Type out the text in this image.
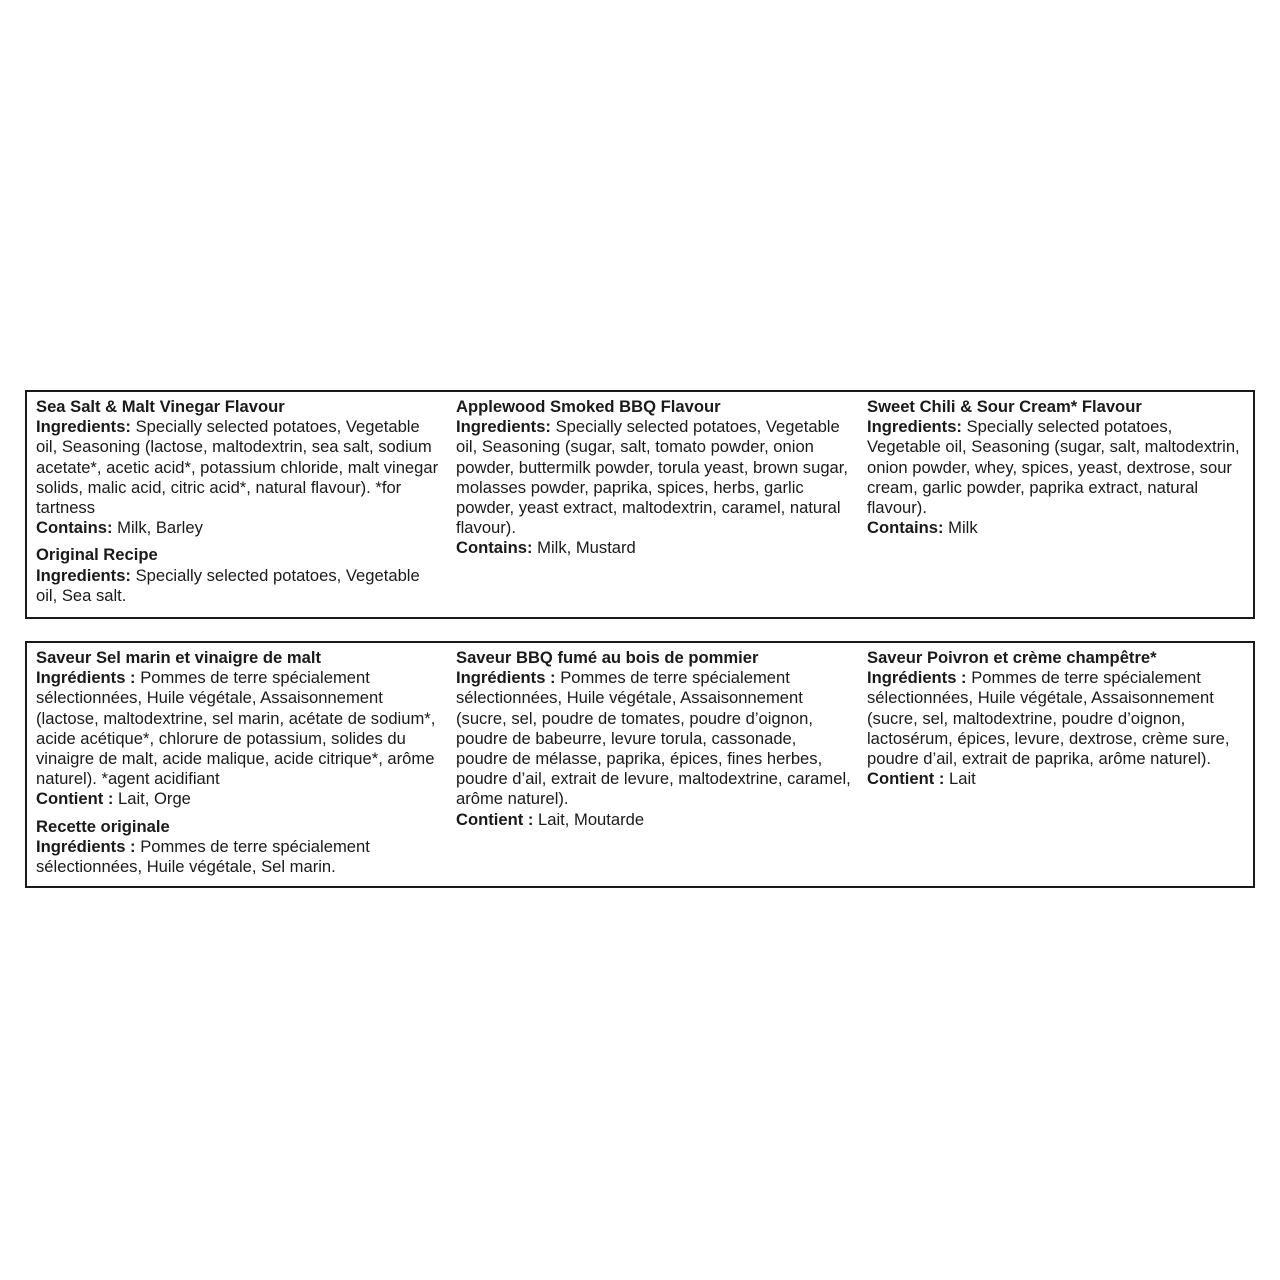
Sea Salt & Malt Vinegar Flavour

Ingredients: Specially selected potatoes, Vegetable oil, Seasoning (lactose, maltodextrin, sea salt, sodium acetate*, acetic acid*, potassium chloride, malt vinegar solids, malic acid, citric acid*, natural flavour). *for tartness

Contains: Milk, Barley

Original Recipe

Ingredients: Specially selected potatoes, Vegetable oil, Sea salt.

Applewood Smoked BBQ Flavour

Ingredients: Specially selected potatoes, Vegetable oil, Seasoning (sugar, salt, tomato powder, onion powder, buttermilk powder, torula yeast, brown sugar, molasses powder, paprika, spices, herbs, garlic powder, yeast extract, maltodextrin, caramel, natural flavour).

Contains: Milk, Mustard

Sweet Chili & Sour Cream* Flavour

Ingredients: Specially selected potatoes, Vegetable oil, Seasoning (sugar, salt, maltodextrin, onion powder, whey, spices, yeast, dextrose, sour cream, garlic powder, paprika extract, natural flavour).

Contains: Milk

Saveur Sel marin et vinaigre de malt

Ingrédients : Pommes de terre spécialement sélectionnées, Huile végétale, Assaisonnement (lactose, maltodextrine, sel marin, acétate de sodium*, acide acétique*, chlorure de potassium, solides du vinaigre de malt, acide malique, acide citrique*, arôme naturel). *agent acidifiant

Contient : Lait, Orge

Recette originale

Ingrédients : Pommes de terre spécialement sélectionnées, Huile végétale, Sel marin.

Saveur BBQ fumé au bois de pommier

Ingrédients : Pommes de terre spécialement sélectionnées, Huile végétale, Assaisonnement (sucre, sel, poudre de tomates, poudre d’oignon, poudre de babeurre, levure torula, cassonade, poudre de mélasse, paprika, épices, fines herbes, poudre d’ail, extrait de levure, maltodextrine, caramel, arôme naturel).

Contient : Lait, Moutarde

Saveur Poivron et crème champêtre*

Ingrédients : Pommes de terre spécialement sélectionnées, Huile végétale, Assaisonnement (sucre, sel, maltodextrine, poudre d’oignon, lactosérum, épices, levure, dextrose, crème sure, poudre d’ail, extrait de paprika, arôme naturel).

Contient : Lait
